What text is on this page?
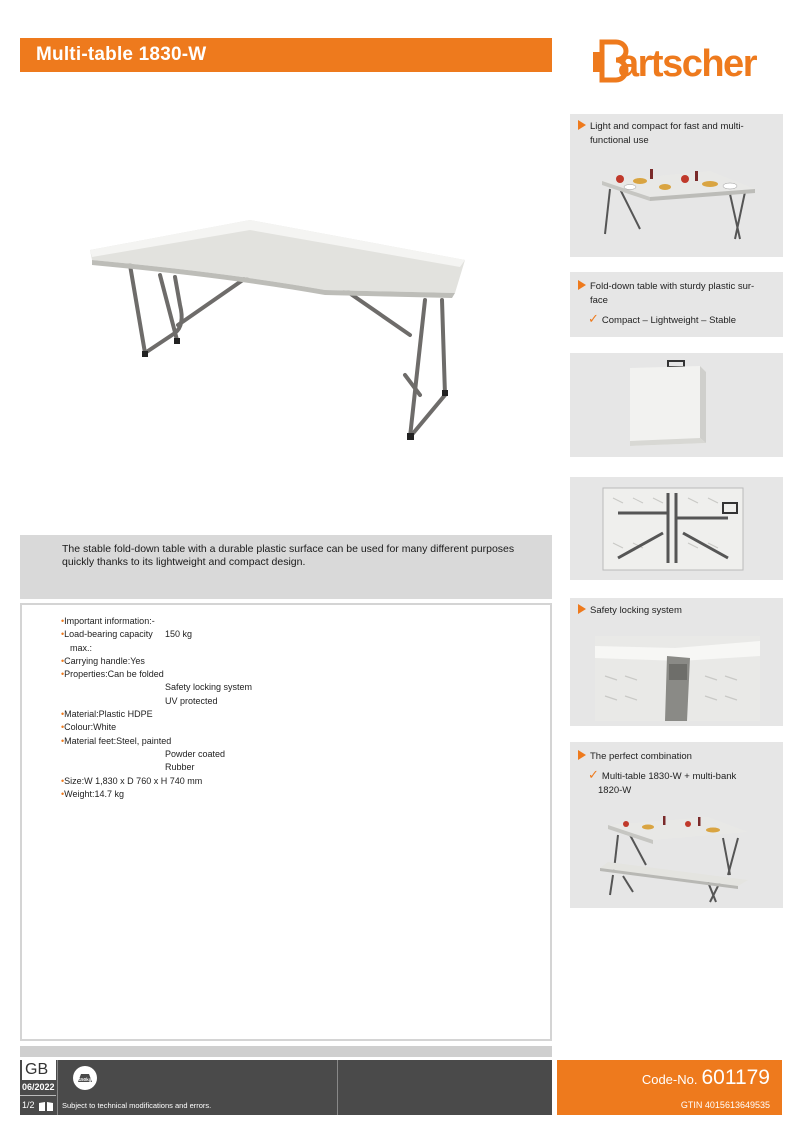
Multi-table 1830-W	artscher

The stable fold-down table with a durable plastic surface can be used for many different purposes quickly thanks to its lightweight and compact design.

•Important information:-
•Load-bearing capacity 150 kg
max.:
•Carrying handle:Yes
•Properties:Can be folded
Safety locking system
UV protected
•Material:Plastic HDPE
•Colour:White
•Material feet:Steel, painted
Powder coated
Rubber
•Size:W 1,830 x D 760 x H 740 mm
•Weight:14.7 kg
Light and compact for fast and multi-
functional use
Fold-down table with sturdy plastic sur-
face
✓ Compact – Lightweight – Stable
Safety locking system
The perfect combination
✓ Multi-table 1830-W + multi-bank
1820-W
GB
06/2022
1/2
150kg
Subject to technical modifications and errors.
Code-No. 601179
GTIN 4015613649535
